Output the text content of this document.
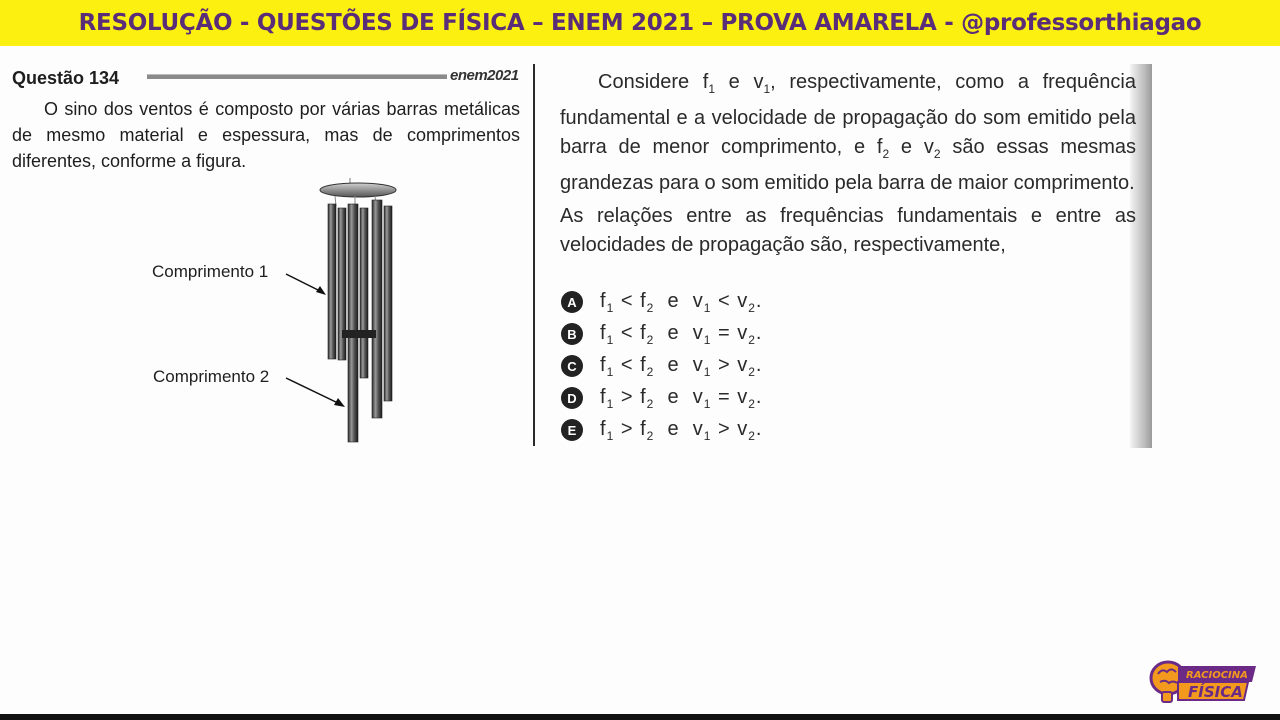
RESOLUÇÃO - QUESTÕES DE FÍSICA – ENEM 2021 – PROVA AMARELA - @professorthiagao
Questão 134	enem2021
O sino dos ventos é composto por várias barras metálicas de mesmo material e espessura, mas de comprimentos diferentes, conforme a figura.
Comprimento 1
Comprimento 2

Considere $f_1$ e $v_1$, respectivamente, como a frequência fundamental e a velocidade de propagação do som emitido pela barra de menor comprimento, e $f_2$ e $v_2$ são essas mesmas grandezas para o som emitido pela barra de maior comprimento.

As relações entre as frequências fundamentais e entre as velocidades de propagação são, respectivamente,

A	$f_1 < f_2$ e $v_1 < v_2$.
B	$f_1 < f_2$ e $v_1 = v_2$.
C	$f_1 < f_2$ e $v_1 > v_2$.
D	$f_1 > f_2$ e $v_1 = v_2$.
E	$f_1 > f_2$ e $v_1 > v_2$.
RACIOCINA
FÍSICA
